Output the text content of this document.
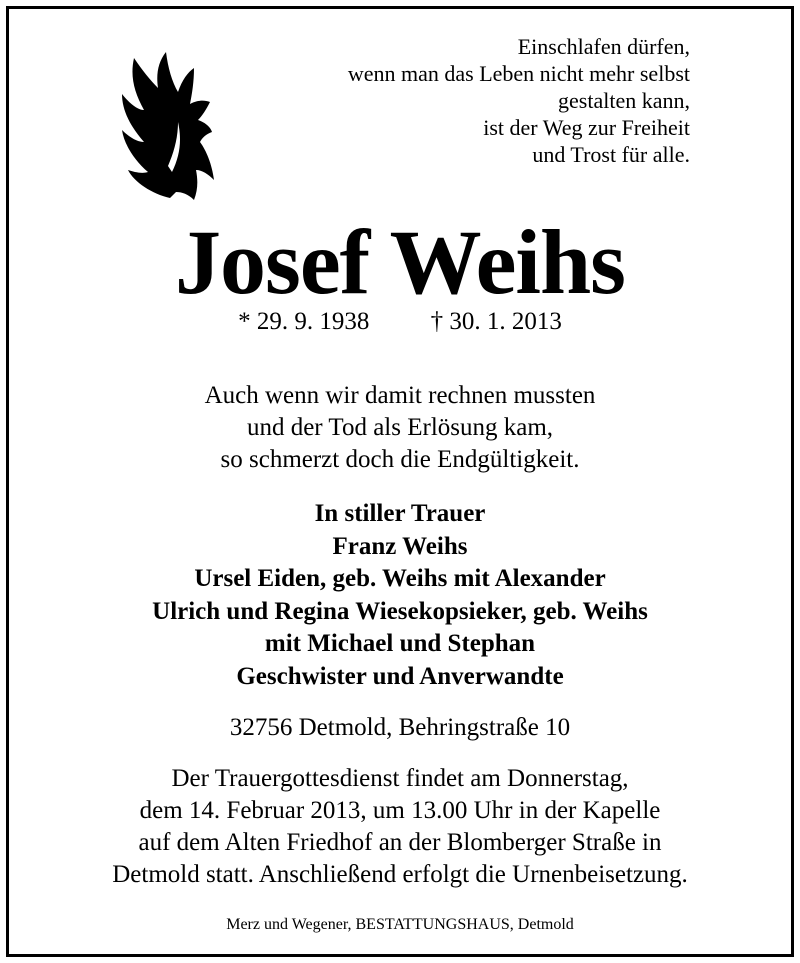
Einschlafen dürfen,
wenn man das Leben nicht mehr selbst
gestalten kann,
ist der Weg zur Freiheit
und Trost für alle.
Josef Weihs
* 29. 9. 1938 † 30. 1. 2013
Auch wenn wir damit rechnen mussten
und der Tod als Erlösung kam,
so schmerzt doch die Endgültigkeit.
In stiller Trauer
Franz Weihs
Ursel Eiden, geb. Weihs mit Alexander
Ulrich und Regina Wiesekopsieker, geb. Weihs
mit Michael und Stephan
Geschwister und Anverwandte
32756 Detmold, Behringstraße 10
Der Trauergottesdienst findet am Donnerstag,
dem 14. Februar 2013, um 13.00 Uhr in der Kapelle
auf dem Alten Friedhof an der Blomberger Straße in
Detmold statt. Anschließend erfolgt die Urnenbeisetzung.
Merz und Wegener, BESTATTUNGSHAUS, Detmold
